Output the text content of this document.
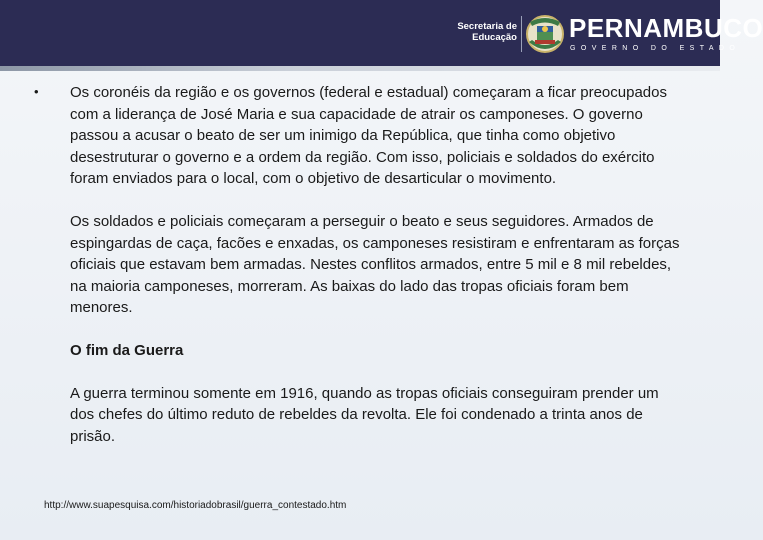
Secretaria de
Educação PERNAMBUCO
GOVERNO DO ESTADO
• Os coronéis da região e os governos (federal e estadual) começaram a ficar preocupados com a liderança de José Maria e sua capacidade de atrair os camponeses. O governo passou a acusar o beato de ser um inimigo da República, que tinha como objetivo desestruturar o governo e a ordem da região. Com isso, policiais e soldados do exército foram enviados para o local, com o objetivo de desarticular o movimento.

Os soldados e policiais começaram a perseguir o beato e seus seguidores. Armados de espingardas de caça, facões e enxadas, os camponeses resistiram e enfrentaram as forças oficiais que estavam bem armadas. Nestes conflitos armados, entre 5 mil e 8 mil rebeldes, na maioria camponeses, morreram. As baixas do lado das tropas oficiais foram bem menores.

O fim da Guerra

A guerra terminou somente em 1916, quando as tropas oficiais conseguiram prender um dos chefes do último reduto de rebeldes da revolta. Ele foi condenado a trinta anos de prisão.

http://www.suapesquisa.com/historiadobrasil/guerra_contestado.htm
